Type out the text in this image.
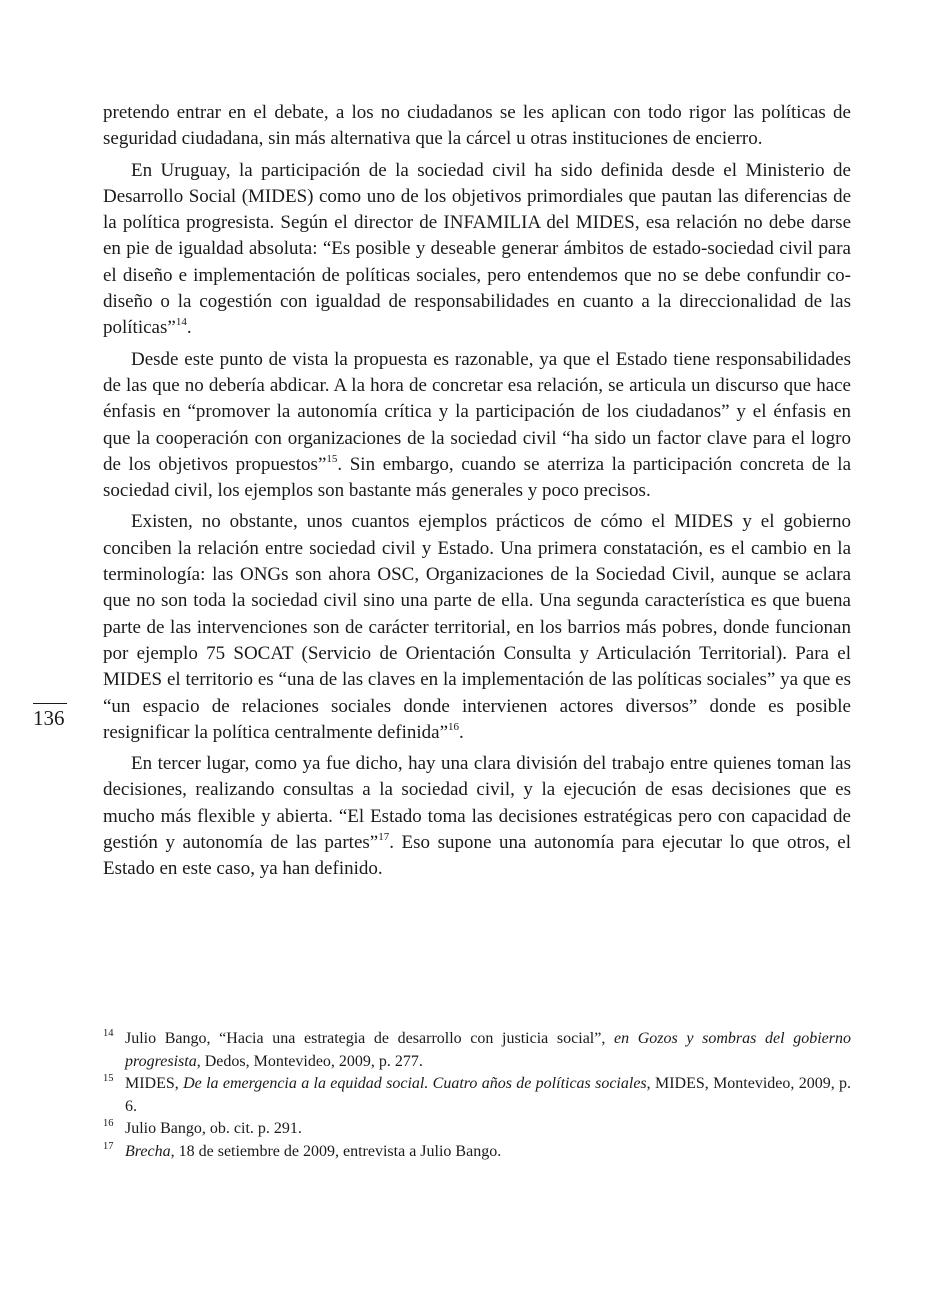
pretendo entrar en el debate, a los no ciudadanos se les aplican con todo rigor las políticas de seguridad ciudadana, sin más alternativa que la cárcel u otras instituciones de encierro.

En Uruguay, la participación de la sociedad civil ha sido definida desde el Ministerio de Desarrollo Social (MIDES) como uno de los objetivos primordiales que pautan las diferencias de la política progresista. Según el director de INFAMILIA del MIDES, esa relación no debe darse en pie de igualdad absoluta: “Es posible y deseable generar ámbitos de estado-sociedad civil para el diseño e implementación de políticas sociales, pero entendemos que no se debe confundir co-diseño o la cogestión con igualdad de responsabilidades en cuanto a la direccionalidad de las políticas”$^{14}$.

Desde este punto de vista la propuesta es razonable, ya que el Estado tiene responsabilidades de las que no debería abdicar. A la hora de concretar esa relación, se articula un discurso que hace énfasis en “promover la autonomía crítica y la participación de los ciudadanos” y el énfasis en que la cooperación con organizaciones de la sociedad civil “ha sido un factor clave para el logro de los objetivos propuestos”$^{15}$. Sin embargo, cuando se aterriza la participación concreta de la sociedad civil, los ejemplos son bastante más generales y poco precisos.

Existen, no obstante, unos cuantos ejemplos prácticos de cómo el MIDES y el gobierno conciben la relación entre sociedad civil y Estado. Una primera constatación, es el cambio en la terminología: las ONGs son ahora OSC, Organizaciones de la Sociedad Civil, aunque se aclara que no son toda la sociedad civil sino una parte de ella. Una segunda característica es que buena parte de las intervenciones son de carácter territorial, en los barrios más pobres, donde funcionan por ejemplo 75 SOCAT (Servicio de Orientación Consulta y Articulación Territorial). Para el MIDES el territorio es “una de las claves en la implementación de las políticas sociales” ya que es “un espacio de relaciones sociales donde intervienen actores diversos” donde es posible resignificar la política centralmente definida”$^{16}$.

En tercer lugar, como ya fue dicho, hay una clara división del trabajo entre quienes toman las decisiones, realizando consultas a la sociedad civil, y la ejecución de esas decisiones que es mucho más flexible y abierta. “El Estado toma las decisiones estratégicas pero con capacidad de gestión y autonomía de las partes”$^{17}$. Eso supone una autonomía para ejecutar lo que otros, el Estado en este caso, ya han definido.

136

14 Julio Bango, “Hacia una estrategia de desarrollo con justicia social”, en Gozos y sombras del gobierno progresista, Dedos, Montevideo, 2009, p. 277.

15 MIDES, De la emergencia a la equidad social. Cuatro años de políticas sociales, MIDES, Montevideo, 2009, p. 6.

16 Julio Bango, ob. cit. p. 291.

17 Brecha, 18 de setiembre de 2009, entrevista a Julio Bango.
